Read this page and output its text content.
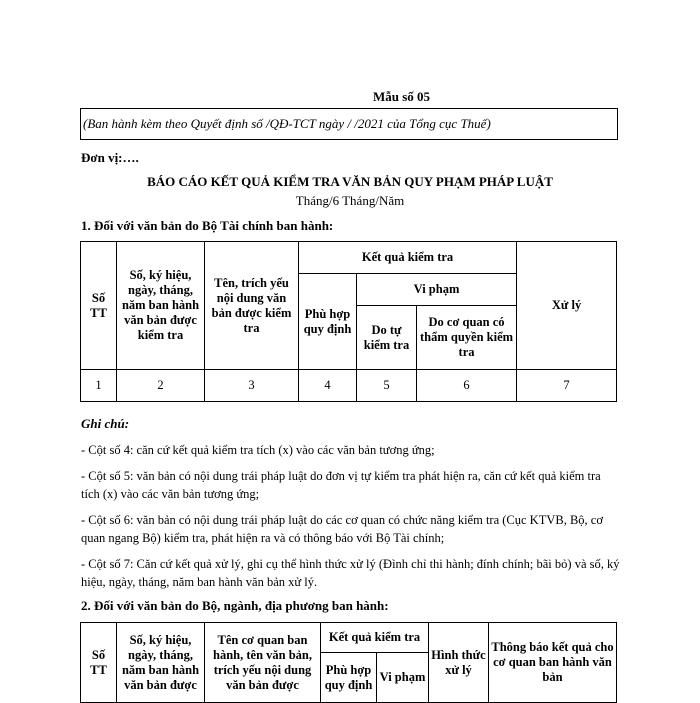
Mẫu số 05
(Ban hành kèm theo Quyết định số /QĐ-TCT ngày / /2021 của Tổng cục Thuế)
Đơn vị:….
BÁO CÁO KẾT QUẢ KIỂM TRA VĂN BẢN QUY PHẠM PHÁP LUẬT
Tháng/6 Tháng/Năm
1. Đối với văn bản do Bộ Tài chính ban hành:
Số TT	Số, ký hiệu, ngày, tháng, năm ban hành văn bản được kiểm tra	Tên, trích yếu nội dung văn bản được kiểm tra	Kết quả kiểm tra			Xử lý
			Phù hợp quy định	Vi phạm		
				Do tự kiểm tra	Do cơ quan có thẩm quyền kiểm tra	
1	2	3	4	5	6	7
Ghi chú:
- Cột số 4: căn cứ kết quả kiểm tra tích (x) vào các văn bản tương ứng;
- Cột số 5: văn bản có nội dung trái pháp luật do đơn vị tự kiểm tra phát hiện ra, căn cứ kết quả kiểm tra tích (x) vào các văn bản tương ứng;
- Cột số 6: văn bản có nội dung trái pháp luật do các cơ quan có chức năng kiểm tra (Cục KTVB, Bộ, cơ quan ngang Bộ) kiểm tra, phát hiện ra và có thông báo với Bộ Tài chính;
- Cột số 7: Căn cứ kết quả xử lý, ghi cụ thể hình thức xử lý (Đình chỉ thi hành; đính chính; bãi bỏ) và số, ký hiệu, ngày, tháng, năm ban hành văn bản xử lý.
2. Đối với văn bản do Bộ, ngành, địa phương ban hành:
Số TT	Số, ký hiệu, ngày, tháng, năm ban hành văn bản được	Tên cơ quan ban hành, tên văn bản, trích yếu nội dung văn bản được	Kết quả kiểm tra		Hình thức xử lý	Thông báo kết quả cho cơ quan ban hành văn bản
			Phù hợp quy định	Vi phạm		
